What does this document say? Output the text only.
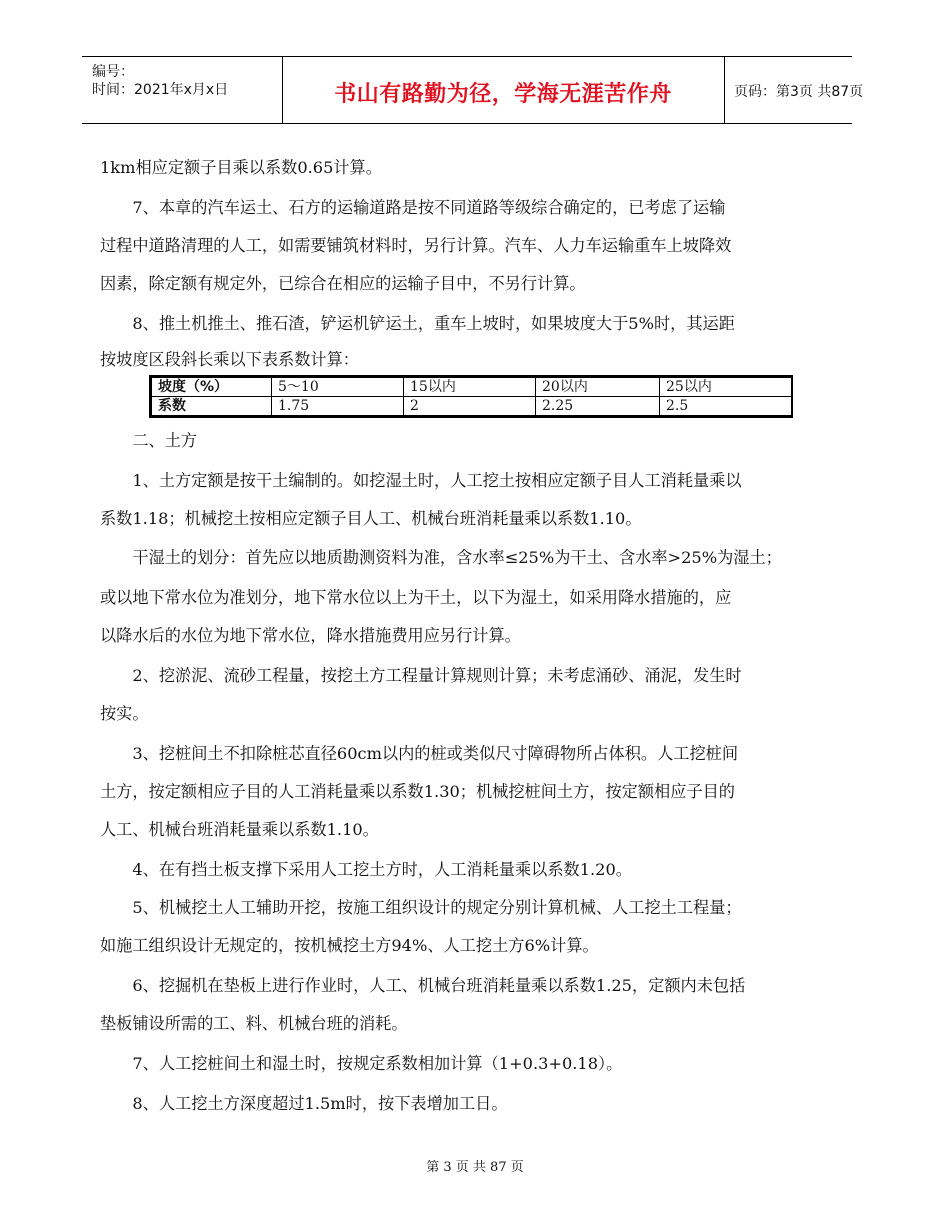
编号：
时间：2021年x月x日	书山有路勤为径，学海无涯苦作舟	页码：第3页 共87页
1km相应定额子目乘以系数0.65计算。
　　7、本章的汽车运土、石方的运输道路是按不同道路等级综合确定的，已考虑了运输
过程中道路清理的人工，如需要铺筑材料时，另行计算。汽车、人力车运输重车上坡降效
因素，除定额有规定外，已综合在相应的运输子目中，不另行计算。
　　8、推土机推土、推石渣，铲运机铲运土，重车上坡时，如果坡度大于5%时，其运距
按坡度区段斜长乘以下表系数计算：
坡度（%）	5～10	15以内	20以内	25以内
系数	1.75	2	2.25	2.5
　　二、土方
　　1、土方定额是按干土编制的。如挖湿土时，人工挖土按相应定额子目人工消耗量乘以
系数1.18；机械挖土按相应定额子目人工、机械台班消耗量乘以系数1.10。
　　干湿土的划分：首先应以地质勘测资料为准，含水率≤25%为干土、含水率>25%为湿土；
或以地下常水位为准划分，地下常水位以上为干土，以下为湿土，如采用降水措施的，应
以降水后的水位为地下常水位，降水措施费用应另行计算。
　　2、挖淤泥、流砂工程量，按挖土方工程量计算规则计算；未考虑涌砂、涌泥，发生时
按实。
　　3、挖桩间土不扣除桩芯直径60cm以内的桩或类似尺寸障碍物所占体积。人工挖桩间
土方，按定额相应子目的人工消耗量乘以系数1.30；机械挖桩间土方，按定额相应子目的
人工、机械台班消耗量乘以系数1.10。
　　4、在有挡土板支撑下采用人工挖土方时，人工消耗量乘以系数1.20。
　　5、机械挖土人工辅助开挖，按施工组织设计的规定分别计算机械、人工挖土工程量；
如施工组织设计无规定的，按机械挖土方94%、人工挖土方6%计算。
　　6、挖掘机在垫板上进行作业时，人工、机械台班消耗量乘以系数1.25，定额内未包括
垫板铺设所需的工、料、机械台班的消耗。
　　7、人工挖桩间土和湿土时，按规定系数相加计算（1+0.3+0.18）。
　　8、人工挖土方深度超过1.5m时，按下表增加工日。
第 3 页 共 87 页
